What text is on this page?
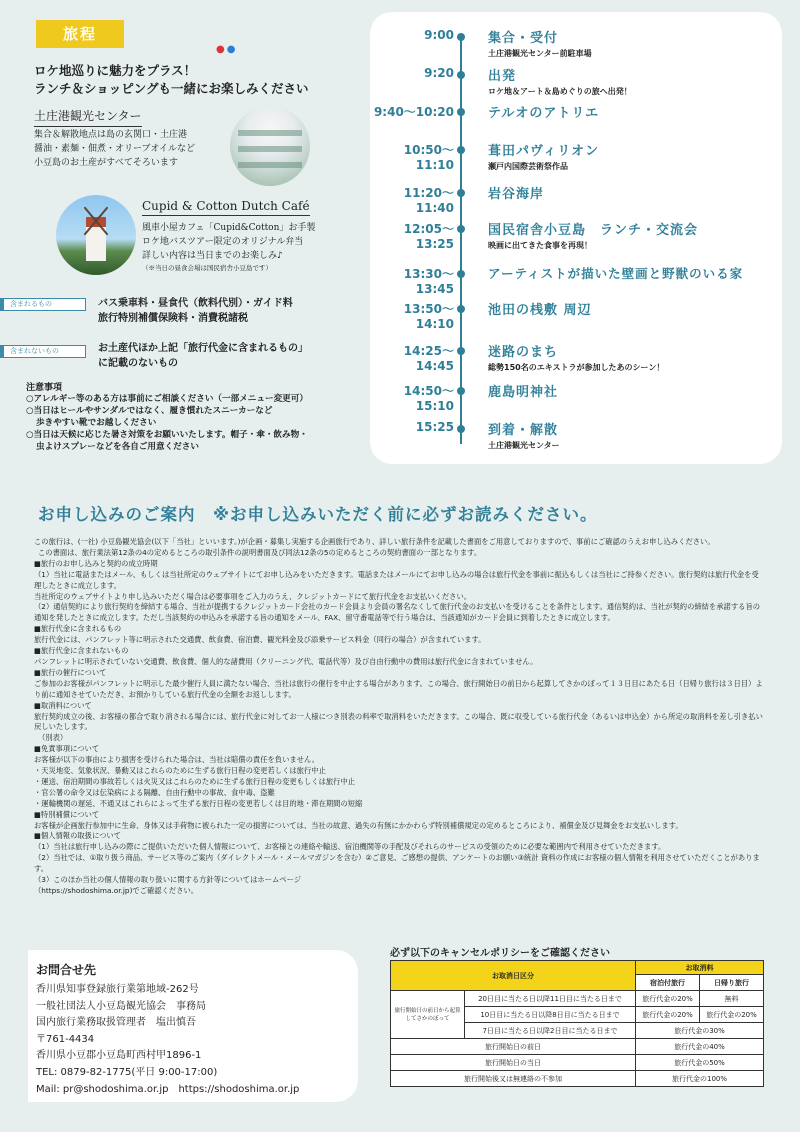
旅程
● ●
ロケ地巡りに魅力をプラス！
ランチ＆ショッピングも一緒にお楽しみください
土庄港観光センター
集合＆解散地点は島の玄関口・土庄港
醤油・素麺・佃煮・オリーブオイルなど
小豆島のお土産がすべてそろいます
Cupid & Cotton Dutch Café
風車小屋カフェ「Cupid&Cotton」お手製
ロケ地バスツアー限定のオリジナル弁当
詳しい内容は当日までのお楽しみ♪
（※当日の昼食会場は国民宿舎小豆島です）
含まれるもの	バス乗車料・昼食代（飲料代別）・ガイド料
旅行特別補償保険料・消費税諸税
含まれないもの	お土産代ほか上記「旅行代金に含まれるもの」
に記載のないもの
注意事項
○アレルギー等のある方は事前にご相談ください（一部メニュー変更可）
○当日はヒールやサンダルではなく、履き慣れたスニーカーなど
歩きやすい靴でお越しください
○当日は天候に応じた暑さ対策をお願いいたします。帽子・傘・飲み物・
虫よけスプレーなどを各自ご用意ください
9:00	集合・受付
土庄港観光センター前駐車場
9:20	出発
ロケ地＆アート＆島めぐりの旅へ出発！
9:40～10:20	テルオのアトリエ
10:50～11:10
葺田パヴィリオン
瀬戸内国際芸術祭作品
11:20～11:40
岩谷海岸
12:05～13:25
国民宿舎小豆島　ランチ・交流会
映画に出てきた食事を再現！
13:30～13:45
アーティストが描いた壁画と野獣のいる家
13:50～14:10
池田の桟敷 周辺
14:25～14:45
迷路のまち
総勢150名のエキストラが参加したあのシーン！
14:50～15:10
鹿島明神社
15:25	到着・解散
土庄港観光センター
お申し込みのご案内　※お申し込みいただく前に必ずお読みください。

この旅行は、(一社) 小豆島観光協会(以下「当社」といいます。)が企画・募集し実施する企画旅行であり、詳しい旅行条件を記載した書面をご用意しておりますので、事前にご確認のうえお申し込みください。

この書面は、旅行業法第12条の4の定めるところの取引条件の説明書面及び同法12条の5の定めるところの契約書面の一部となります。

■旅行のお申し込みと契約の成立時期

（1）当社に電話またはメール、もしくは当社所定のウェブサイトにてお申し込みをいただきます。電話またはメールにてお申し込みの場合は旅行代金を事前に振込もしくは当社にご持参ください。旅行契約は旅行代金を受理したときに成立します。

当社所定のウェブサイトより申し込みいただく場合は必要事項をご入力のうえ、クレジットカードにて旅行代金をお支払いください。

（2）通信契約により旅行契約を締結する場合、当社が提携するクレジットカード会社のカード会員より会員の署名なくして旅行代金のお支払いを受けることを条件とします。通信契約は、当社が契約の締結を承諾する旨の通知を発したときに成立します。ただし当該契約の申込みを承諾する旨の通知をメール、FAX、留守番電話等で行う場合は、当該通知がカード会員に到着したときに成立します。

■旅行代金に含まれるもの

旅行代金には、パンフレット等に明示された交通費、飲食費、宿泊費、観光料金及び添乗サービス料金（同行の場合）が含まれています。

■旅行代金に含まれないもの

パンフレットに明示されていない交通費、飲食費、個人的な諸費用（クリーニング代、電話代等）及び自由行動中の費用は旅行代金に含まれていません。

■旅行の催行について

ご参加のお客様がパンフレットに明示した最少催行人員に満たない場合、当社は旅行の催行を中止する場合があります。この場合、旅行開始日の前日から起算してさかのぼって１３日目にあたる日（日帰り旅行は３日目）より前に通知させていただき、お預かりしている旅行代金の全額をお返しします。

■取消料について

旅行契約成立の後、お客様の都合で取り消される場合には、旅行代金に対してお一人様につき別表の料率で取消料をいただきます。この場合、既に収受している旅行代金（あるいは申込金）から所定の取消料を差し引き払い戻しいたします。

（別表）

■免責事項について

お客様が以下の事由により損害を受けられた場合は、当社は賠償の責任を負いません。

・天災地変、気象状況、暴動又はこれらのために生ずる旅行日程の変更若しくは旅行中止

・運送、宿泊期間の事故若しくは火災又はこれらのために生ずる旅行日程の変更もしくは旅行中止

・官公署の命令又は伝染病による隔離、自由行動中の事故、食中毒、盗難

・運輸機関の遅延、不通又はこれらによって生ずる旅行日程の変更若しくは目的地・滞在期間の短縮

■特別補償について

お客様が企画旅行参加中に生命、身体又は手荷物に被られた一定の損害については、当社の故意、過失の有無にかかわらず特別補償規定の定めるところにより、補償金及び見舞金をお支払いします。

■個人情報の取扱について

（1）当社は旅行申し込みの際にご提供いただいた個人情報について、お客様との連絡や輸送、宿泊機関等の手配及びそれらのサービスの受領のために必要な範囲内で利用させていただきます。

（2）当社では、①取り扱う商品、サービス等のご案内（ダイレクトメール・メールマガジンを含む）②ご意見、ご感想の提供、アンケートのお願い③統計 資料の作成にお客様の個人情報を利用させていただくことがあります。

（3）このほか当社の個人情報の取り扱いに関する方針等についてはホームページ

（https://shodoshima.or.jp)でご確認ください。

お問合せ先
香川県知事登録旅行業第地域-262号
一般社団法人小豆島観光協会　事務局
国内旅行業務取扱管理者　塩出慎吾
〒761-4434
香川県小豆郡小豆島町西村甲1896-1
TEL: 0879-82-1775(平日 9:00-17:00)
Mail: pr@shodoshima.or.jp　https://shodoshima.or.jp
必ず以下のキャンセルポリシーをご確認ください
お取消日区分		お取消料	
		宿泊付旅行	日帰り旅行
旅行開始日の前日から起算してさかのぼって	20日目に当たる日以降11日目に当たる日まで	旅行代金の20%	無料
	10日目に当たる日以降8日目に当たる日まで	旅行代金の20%	旅行代金の20%
	7日目に当たる日以降2日目に当たる日まで	旅行代金の30%	
旅行開始日の前日		旅行代金の40%	
旅行開始日の当日		旅行代金の50%	
旅行開始後又は無連絡の不参加		旅行代金の100%	
